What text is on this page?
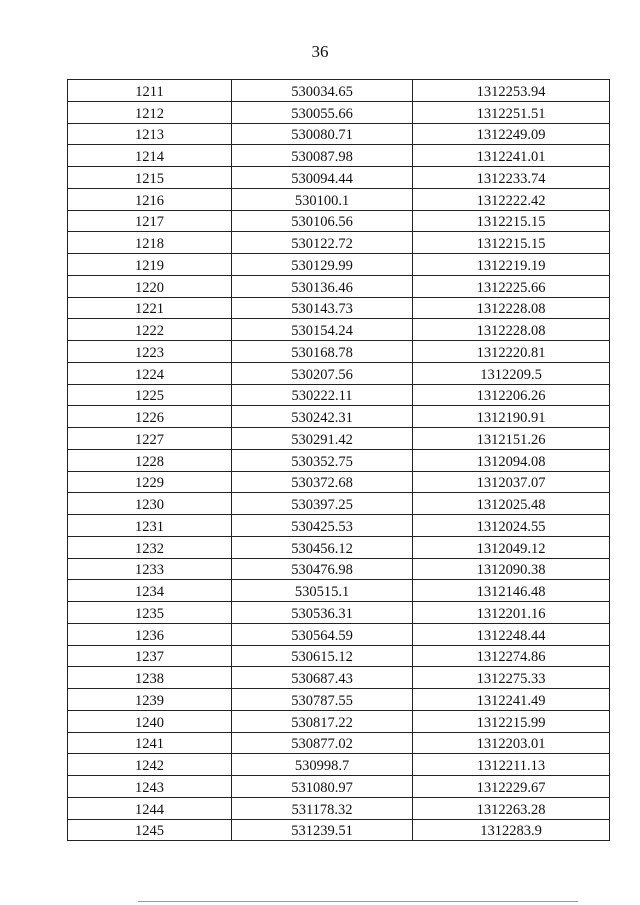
36
1211	530034.65	1312253.94
1212	530055.66	1312251.51
1213	530080.71	1312249.09
1214	530087.98	1312241.01
1215	530094.44	1312233.74
1216	530100.1	1312222.42
1217	530106.56	1312215.15
1218	530122.72	1312215.15
1219	530129.99	1312219.19
1220	530136.46	1312225.66
1221	530143.73	1312228.08
1222	530154.24	1312228.08
1223	530168.78	1312220.81
1224	530207.56	1312209.5
1225	530222.11	1312206.26
1226	530242.31	1312190.91
1227	530291.42	1312151.26
1228	530352.75	1312094.08
1229	530372.68	1312037.07
1230	530397.25	1312025.48
1231	530425.53	1312024.55
1232	530456.12	1312049.12
1233	530476.98	1312090.38
1234	530515.1	1312146.48
1235	530536.31	1312201.16
1236	530564.59	1312248.44
1237	530615.12	1312274.86
1238	530687.43	1312275.33
1239	530787.55	1312241.49
1240	530817.22	1312215.99
1241	530877.02	1312203.01
1242	530998.7	1312211.13
1243	531080.97	1312229.67
1244	531178.32	1312263.28
1245	531239.51	1312283.9
